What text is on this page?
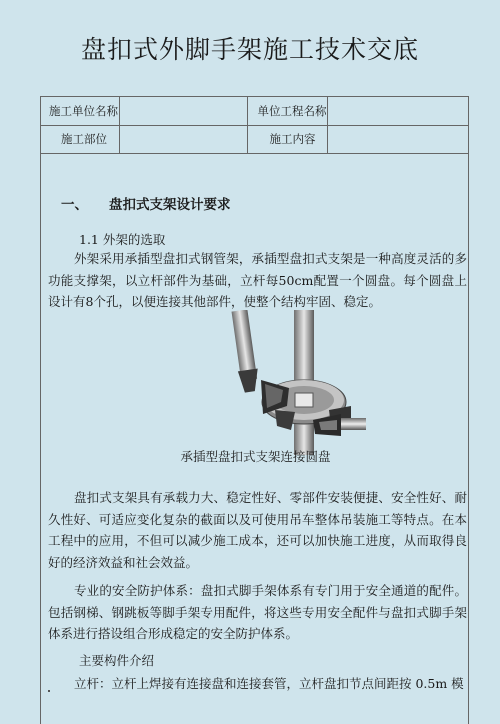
盘扣式外脚手架施工技术交底
施工单位名称		单位工程名称	
施工部位		施工内容	
一、 盘扣式支架设计要求
1.1 外架的选取
外架采用承插型盘扣式钢管架，承插型盘扣式支架是一种高度灵活的多功能支撑架，以立杆部件为基础，立杆每50cm配置一个圆盘。每个圆盘上设计有8个孔，以便连接其他部件，使整个结构牢固、稳定。
承插型盘扣式支架连接圆盘
盘扣式支架具有承载力大、稳定性好、零部件安装便捷、安全性好、耐久性好、可适应变化复杂的截面以及可使用吊车整体吊装施工等特点。在本工程中的应用，不但可以减少施工成本，还可以加快施工进度，从而取得良好的经济效益和社会效益。
专业的安全防护体系：盘扣式脚手架体系有专门用于安全通道的配件。包括钢梯、钢跳板等脚手架专用配件，将这些专用安全配件与盘扣式脚手架体系进行搭设组合形成稳定的安全防护体系。
主要构件介绍
立杆：立杆上焊接有连接盘和连接套管，立杆盘扣节点间距按 0.5m 模
